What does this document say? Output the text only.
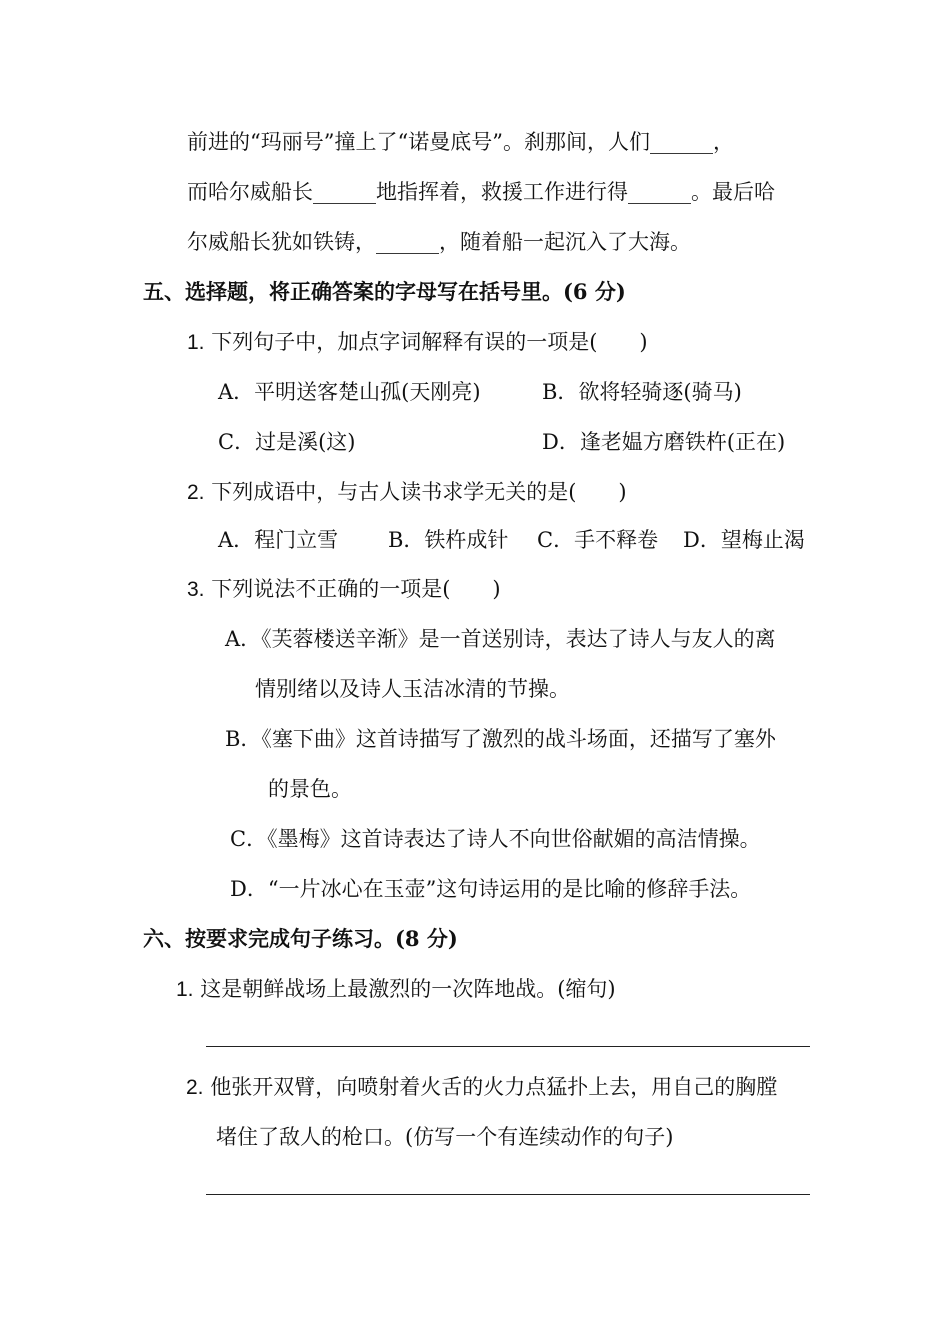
前进的“玛丽号”撞上了“诺曼底号”。刹那间，人们______，
而哈尔威船长______地指挥着，救援工作进行得______。最后哈
尔威船长犹如铁铸，______，随着船一起沉入了大海。
五、选择题，将正确答案的字母写在括号里。(6 分)
1. 下列句子中，加点字词解释有误的一项是(　　)
A．平明送客楚山孤(天刚亮)	B．欲将轻骑逐(骑马)
C．过是溪(这)	D．逢老媪方磨铁杵(正在)
2. 下列成语中，与古人读书求学无关的是(　　)
A．程门立雪 B．铁杵成针 C．手不释卷 D．望梅止渴
3. 下列说法不正确的一项是(　　)
A．《芙蓉楼送辛渐》是一首送别诗，表达了诗人与友人的离
情别绪以及诗人玉洁冰清的节操。
B．《塞下曲》这首诗描写了激烈的战斗场面，还描写了塞外
的景色。
C．《墨梅》这首诗表达了诗人不向世俗献媚的高洁情操。
D．“一片冰心在玉壶”这句诗运用的是比喻的修辞手法。
六、按要求完成句子练习。(8 分)
1. 这是朝鲜战场上最激烈的一次阵地战。(缩句)
2. 他张开双臂，向喷射着火舌的火力点猛扑上去，用自己的胸膛
堵住了敌人的枪口。(仿写一个有连续动作的句子)
